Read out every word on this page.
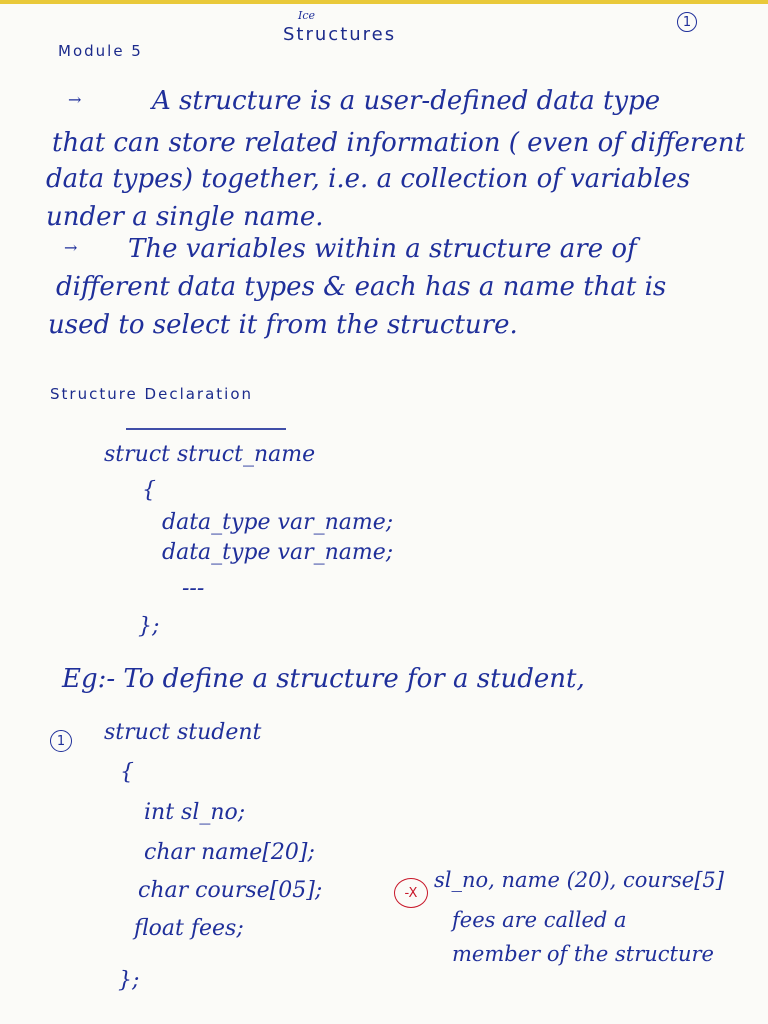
Ice
Structures
1
Module 5
→	A structure is a user-defined data type
that can store related information ( even of different
data types) together, i.e. a collection of variables
under a single name.
→ The variables within a structure are of
different data types & each has a name that is
used to select it from the structure.
Structure Declaration
struct struct_name
{
data_type var_name;
data_type var_name;
---
};
Eg:- To define a structure for a student,
1 struct student
{
int sl_no;
char name[20];
char course[05];
float fees;
};
-X
sl_no, name (20), course[5]
fees are called a
member of the structure
